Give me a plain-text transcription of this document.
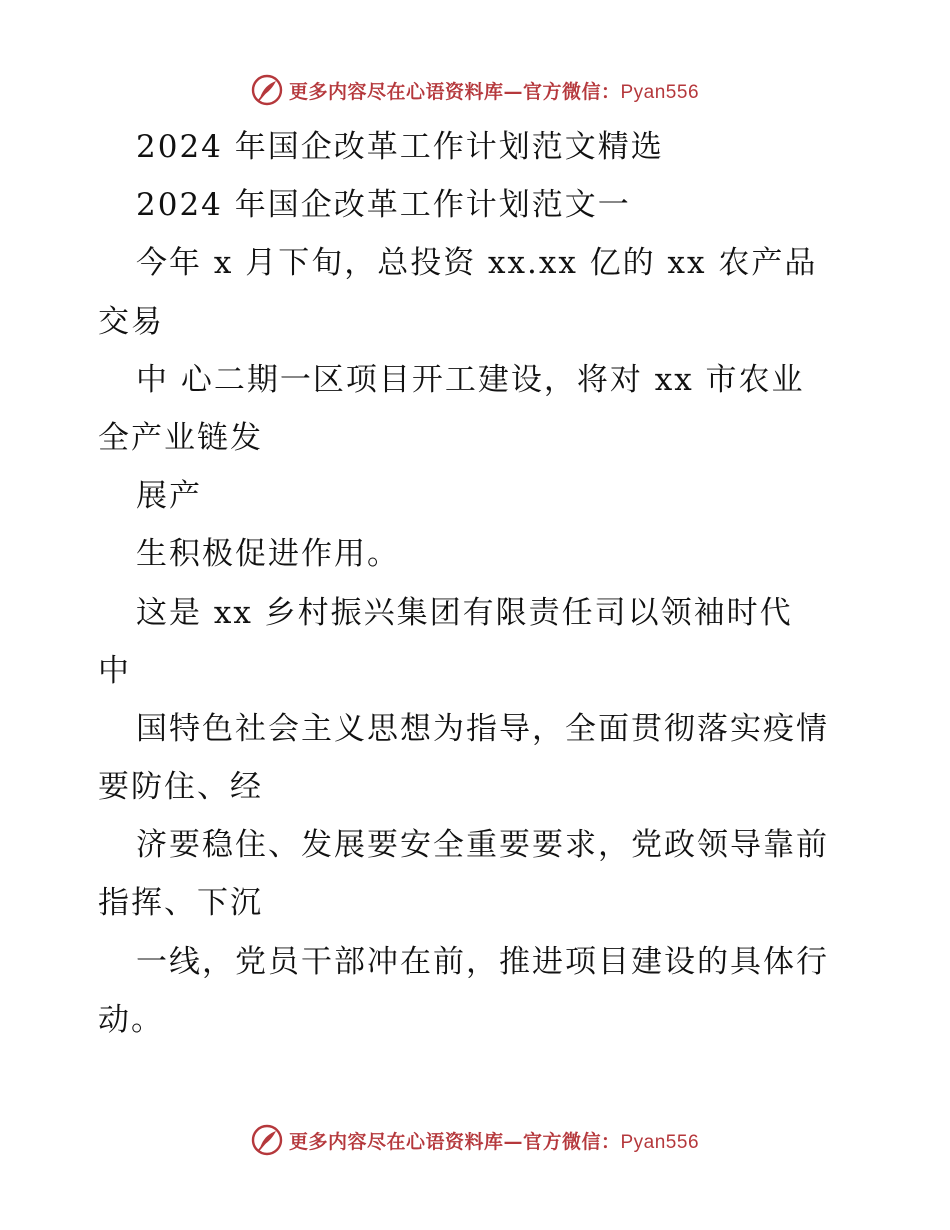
更多内容尽在心语资料库—官方微信：Pyan556
2024 年国企改革工作计划范文精选
2024 年国企改革工作计划范文一
今年 x 月下旬，总投资 xx.xx 亿的 xx 农产品
交易
中 心二期一区项目开工建设，将对 xx 市农业
全产业链发
展产
生积极促进作用。
这是 xx 乡村振兴集团有限责任司以领袖时代
中
国特色社会主义思想为指导，全面贯彻落实疫情
要防住、经
济要稳住、发展要安全重要要求，党政领导靠前
指挥、下沉
一线，党员干部冲在前，推进项目建设的具体行
动。
更多内容尽在心语资料库—官方微信：Pyan556
